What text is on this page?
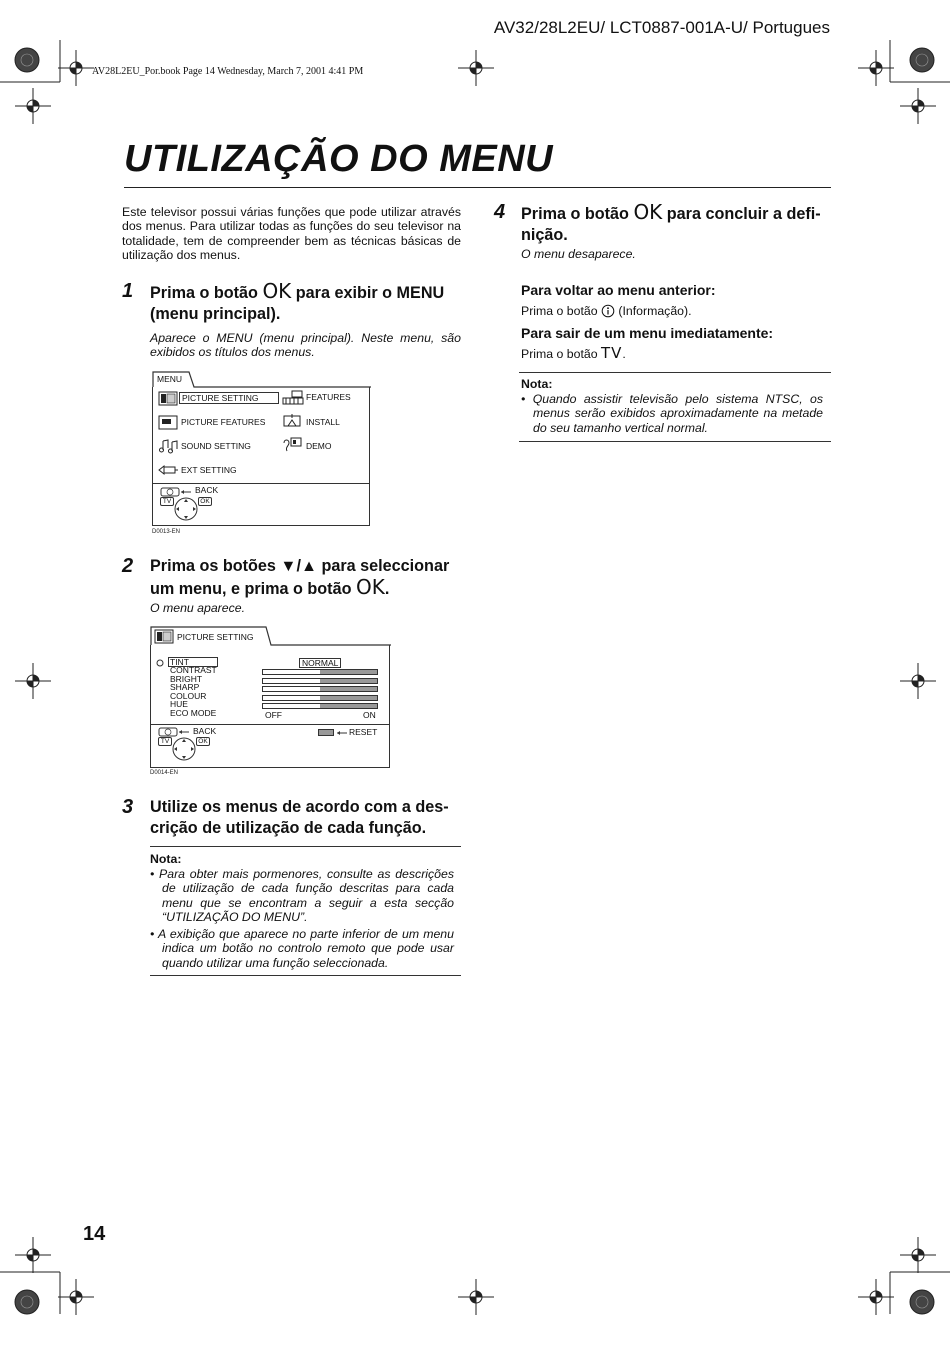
AV32/28L2EU/ LCT0887-001A-U/ Portugues
AV28L2EU_Por.book Page 14 Wednesday, March 7, 2001 4:41 PM
UTILIZAÇÃO DO MENU
Este televisor possui várias funções que pode utilizar através dos menus. Para utilizar todas as funções do seu televisor na totalidade, tem de compreender bem as técnicas básicas de utilização dos menus.
1 Prima o botão OK para exibir o MENU
(menu principal).
Aparece o MENU (menu principal). Neste menu, são exibidos os títulos dos menus.
MENU
PICTURE SETTING
PICTURE FEATURES
SOUND SETTING
EXT SETTING
FEATURES
INSTALL
DEMO
BACK
TV	OK
D0013-EN
2 Prima os botões ▼/▲ para seleccionar
um menu, e prima o botão OK.
O menu aparece.
PICTURE SETTING
TINT
CONTRAST
BRIGHT
SHARP
COLOUR
HUE
ECO MODE
NORMAL
OFF	ON
BACK
TV	OK
RESET
D0014-EN
3 Utilize os menus de acordo com a des-
crição de utilização de cada função.
Nota:
• Para obter mais pormenores, consulte as descrições de utilização de cada função descritas para cada menu que se encontram a seguir a esta secção “UTILIZAÇÃO DO MENU”.
• A exibição que aparece no parte inferior de um menu indica um botão no controlo remoto que pode usar quando utilizar uma função seleccionada.
4 Prima o botão OK para concluir a defi-
nição.
O menu desaparece.
Para voltar ao menu anterior:
Prima o botão  (Informação).
Para sair de um menu imediatamente:
Prima o botão TV.
Nota:
• Quando assistir televisão pelo sistema NTSC, os menus serão exibidos aproximadamente na metade do seu tamanho vertical normal.
14
